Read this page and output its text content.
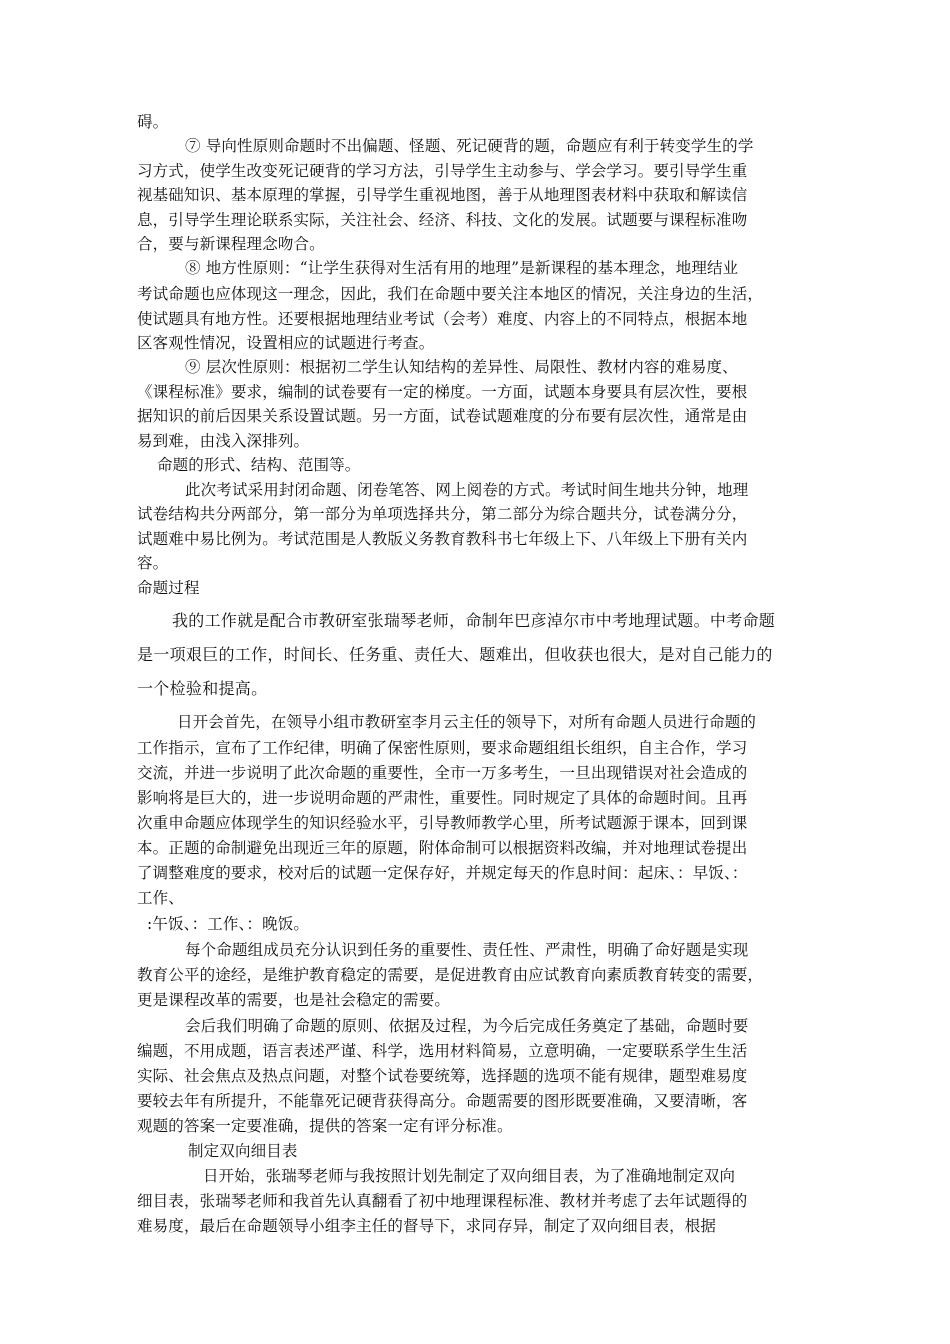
碍。
⑦ 导向性原则命题时不出偏题、怪题、死记硬背的题，命题应有利于转变学生的学
习方式，使学生改变死记硬背的学习方法，引导学生主动参与、学会学习。要引导学生重
视基础知识、基本原理的掌握，引导学生重视地图，善于从地理图表材料中获取和解读信
息，引导学生理论联系实际，关注社会、经济、科技、文化的发展。试题要与课程标准吻
合，要与新课程理念吻合。
⑧ 地方性原则：“让学生获得对生活有用的地理”是新课程的基本理念，地理结业
考试命题也应体现这一理念，因此，我们在命题中要关注本地区的情况，关注身边的生活，
使试题具有地方性。还要根据地理结业考试（会考）难度、内容上的不同特点，根据本地
区客观性情况，设置相应的试题进行考查。
⑨ 层次性原则：根据初二学生认知结构的差异性、局限性、教材内容的难易度、
《课程标准》要求，编制的试卷要有一定的梯度。一方面，试题本身要具有层次性，要根
据知识的前后因果关系设置试题。另一方面，试卷试题难度的分布要有层次性，通常是由
易到难，由浅入深排列。
命题的形式、结构、范围等。
此次考试采用封闭命题、闭卷笔答、网上阅卷的方式。考试时间生地共分钟，地理
试卷结构共分两部分，第一部分为单项选择共分，第二部分为综合题共分，试卷满分分，
试题难中易比例为。考试范围是人教版义务教育教科书七年级上下、八年级上下册有关内
容。
命题过程
我的工作就是配合市教研室张瑞琴老师，命制年巴彦淖尔市中考地理试题。中考命题
是一项艰巨的工作，时间长、任务重、责任大、题难出，但收获也很大，是对自己能力的
一个检验和提高。
日开会首先，在领导小组市教研室李月云主任的领导下，对所有命题人员进行命题的
工作指示，宣布了工作纪律，明确了保密性原则，要求命题组组长组织，自主合作，学习
交流，并进一步说明了此次命题的重要性，全市一万多考生，一旦出现错误对社会造成的
影响将是巨大的，进一步说明命题的严肃性，重要性。同时规定了具体的命题时间。且再
次重申命题应体现学生的知识经验水平，引导教师教学心里，所考试题源于课本，回到课
本。正题的命制避免出现近三年的原题，附体命制可以根据资料改编，并对地理试卷提出
了调整难度的要求，校对后的试题一定保存好，并规定每天的作息时间：起床、：早饭、：
工作、
:午饭、：工作、：晚饭。
每个命题组成员充分认识到任务的重要性、责任性、严肃性，明确了命好题是实现
教育公平的途经，是维护教育稳定的需要，是促进教育由应试教育向素质教育转变的需要，
更是课程改革的需要，也是社会稳定的需要。
会后我们明确了命题的原则、依据及过程，为今后完成任务奠定了基础，命题时要
编题，不用成题，语言表述严谨、科学，选用材料简易，立意明确，一定要联系学生生活
实际、社会焦点及热点问题，对整个试卷要统筹，选择题的选项不能有规律，题型难易度
要较去年有所提升，不能靠死记硬背获得高分。命题需要的图形既要准确，又要清晰，客
观题的答案一定要准确，提供的答案一定有评分标准。
制定双向细目表
日开始，张瑞琴老师与我按照计划先制定了双向细目表，为了准确地制定双向
细目表，张瑞琴老师和我首先认真翻看了初中地理课程标准、教材并考虑了去年试题得的
难易度，最后在命题领导小组李主任的督导下，求同存异，制定了双向细目表，根据
